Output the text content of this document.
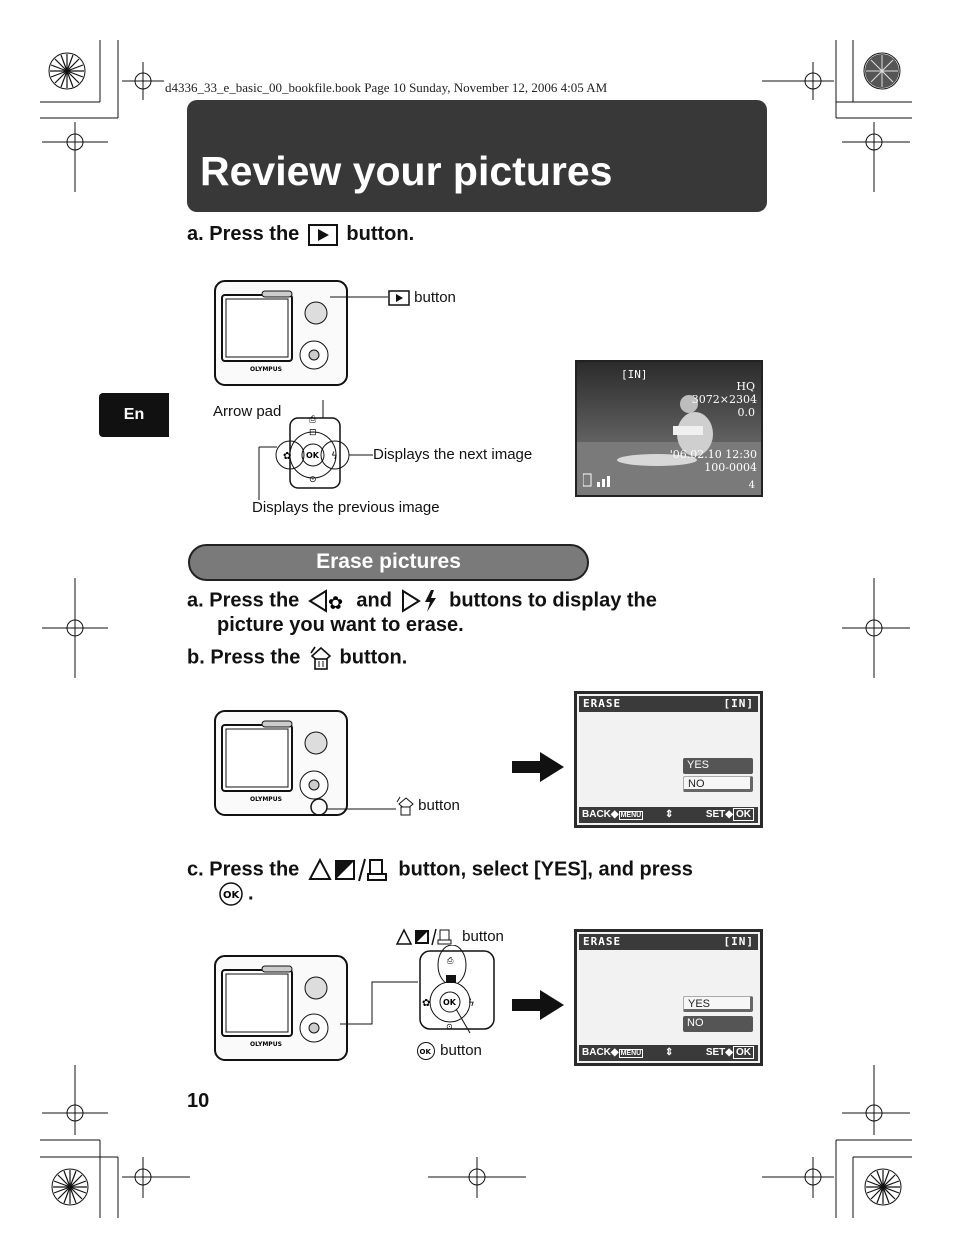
d4336_33_e_basic_00_bookfile.book Page 10 Sunday, November 12, 2006 4:05 AM
Review your pictures
En
a. Press the button.
OLYMPUS
button
Arrow pad
OK
⊡
⊙
✿	ϟ
⎙
Displays the next image
Displays the previous image
[IN]
HQ
3072×2304
0.0
'06.02.10 12:30
100-0004
4
Erase pictures
a. Press the ✿ and	buttons to display the
picture you want to erase.
b. Press the button.
OLYMPUS	button
ERASE	[IN]
YES
NO
BACK◆ MENU ⇕	SET◆ OK
c. Press the	button, select [YES], and press
OK .
OLYMPUS
button
OK
⎙
✿	ϟ
⊙
OK button
ERASE	[IN]
YES
NO
BACK◆ MENU ⇕	SET◆ OK
10
